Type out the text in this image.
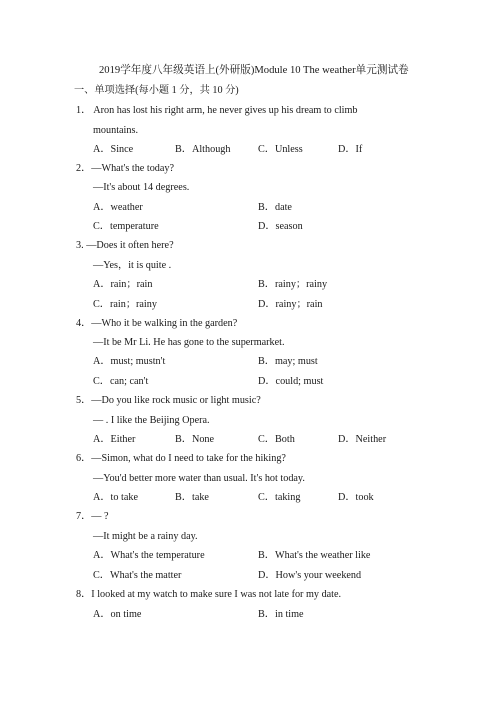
2019学年度八年级英语上(外研版)Module 10 The weather单元测试卷
一、单项选择(每小题 1 分，共 10 分)
1． Aron has lost his right arm, he never gives up his dream to climb
mountains.
A．Since	B．Although	C．Unless	D．If
2．—What's the today?
—It's about 14 degrees.
A．weather	B．date
C．temperature	D．season
3. —Does it often here?
—Yes，it is quite .
A．rain；rain	B．rainy；rainy
C．rain；rainy	D．rainy；rain
4．—Who it be walking in the garden?
—It be Mr Li. He has gone to the supermarket.
A．must; mustn't	B．may; must
C．can; can't	D．could; must
5．—Do you like rock music or light music?
— . I like the Beijing Opera.
A．Either	B．None	C．Both	D．Neither
6．—Simon, what do I need to take for the hiking?
—You'd better more water than usual. It's hot today.
A．to take	B．take	C．taking	D．took
7．— ?
—It might be a rainy day.
A．What's the temperature	B．What's the weather like
C．What's the matter	D．How's your weekend
8．I looked at my watch to make sure I was not late for my date.
A．on time	B．in time
